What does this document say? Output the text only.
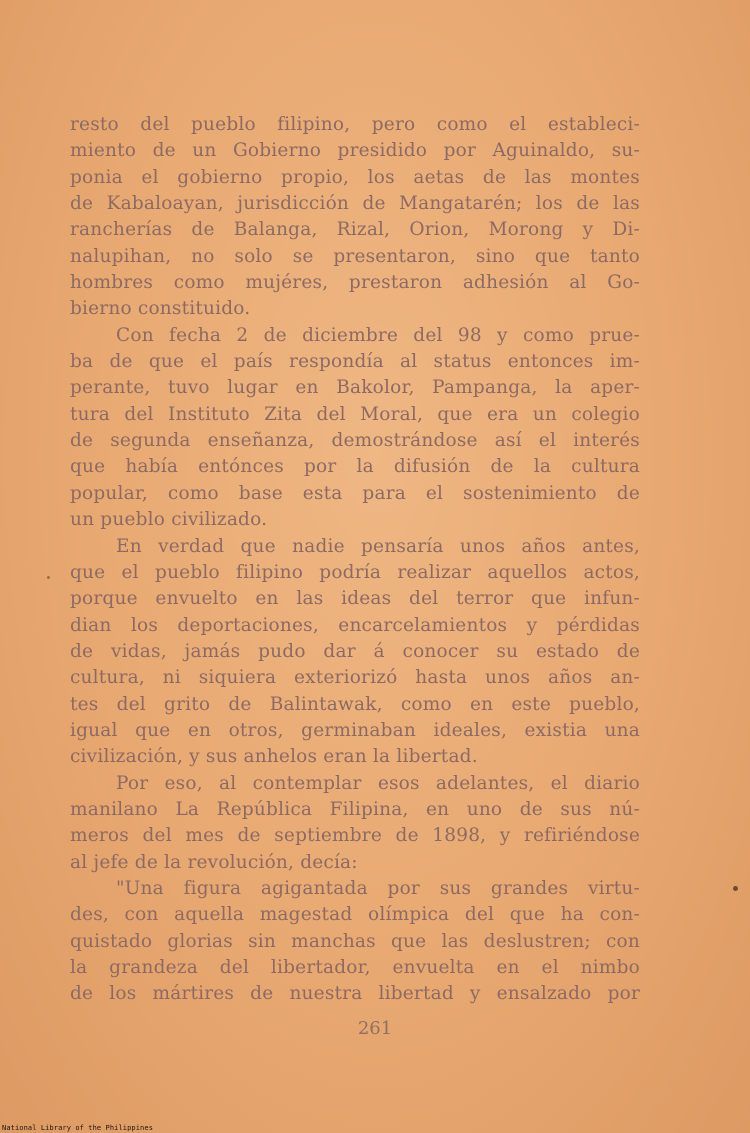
resto del pueblo filipino, pero como el estableci-
miento de un Gobierno presidido por Aguinaldo, su-
ponia el gobierno propio, los aetas de las montes
de Kabaloayan, jurisdicción de Mangatarén; los de las
rancherías de Balanga, Rizal, Orion, Morong y Di-
nalupihan, no solo se presentaron, sino que tanto
hombres como mujéres, prestaron adhesión al Go-
bierno constituido.
Con fecha 2 de diciembre del 98 y como prue-
ba de que el país respondía al status entonces im-
perante, tuvo lugar en Bakolor, Pampanga, la aper-
tura del Instituto Zita del Moral, que era un colegio
de segunda enseñanza, demostrándose así el interés
que había entónces por la difusión de la cultura
popular, como base esta para el sostenimiento de
un pueblo civilizado.
En verdad que nadie pensaría unos años antes,
que el pueblo filipino podría realizar aquellos actos,
porque envuelto en las ideas del terror que infun-
dian los deportaciones, encarcelamientos y pérdidas
de vidas, jamás pudo dar á conocer su estado de
cultura, ni siquiera exteriorizó hasta unos años an-
tes del grito de Balintawak, como en este pueblo,
igual que en otros, germinaban ideales, existia una
civilización, y sus anhelos eran la libertad.
Por eso, al contemplar esos adelantes, el diario
manilano La República Filipina, en uno de sus nú-
meros del mes de septiembre de 1898, y refiriéndose
al jefe de la revolución, decía:
"Una figura agigantada por sus grandes virtu-
des, con aquella magestad olímpica del que ha con-
quistado glorias sin manchas que las deslustren; con
la grandeza del libertador, envuelta en el nimbo
de los mártires de nuestra libertad y ensalzado por
261
National Library of the Philippines
